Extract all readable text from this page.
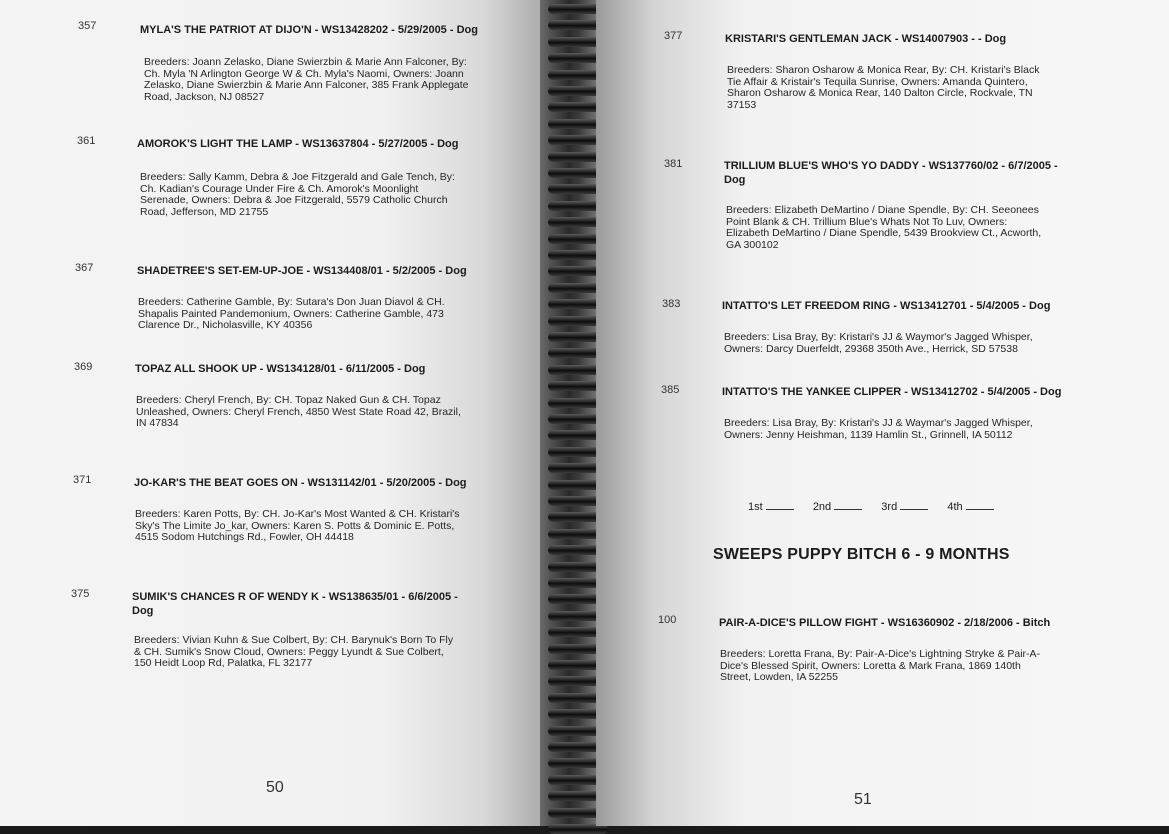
357	MYLA'S THE PATRIOT AT DIJO'N - WS13428202 - 5/29/2005 - Dog
Breeders: Joann Zelasko, Diane Swierzbin & Marie Ann Falconer, By:
Ch. Myla 'N Arlington George W & Ch. Myla's Naomi, Owners: Joann
Zelasko, Diane Swierzbin & Marie Ann Falconer, 385 Frank Applegate
Road, Jackson, NJ 08527
361	AMOROK'S LIGHT THE LAMP - WS13637804 - 5/27/2005 - Dog
Breeders: Sally Kamm, Debra & Joe Fitzgerald and Gale Tench, By:
Ch. Kadian's Courage Under Fire & Ch. Amorok's Moonlight
Serenade, Owners: Debra & Joe Fitzgerald, 5579 Catholic Church
Road, Jefferson, MD 21755
367	SHADETREE'S SET-EM-UP-JOE - WS134408/01 - 5/2/2005 - Dog
Breeders: Catherine Gamble, By: Sutara's Don Juan Diavol & CH.
Shapalis Painted Pandemonium, Owners: Catherine Gamble, 473
Clarence Dr., Nicholasville, KY 40356
369	TOPAZ ALL SHOOK UP - WS134128/01 - 6/11/2005 - Dog
Breeders: Cheryl French, By: CH. Topaz Naked Gun & CH. Topaz
Unleashed, Owners: Cheryl French, 4850 West State Road 42, Brazil,
IN 47834
371	JO-KAR'S THE BEAT GOES ON - WS131142/01 - 5/20/2005 - Dog
Breeders: Karen Potts, By: CH. Jo-Kar's Most Wanted & CH. Kristari's
Sky's The Limite Jo_kar, Owners: Karen S. Potts & Dominic E. Potts,
4515 Sodom Hutchings Rd., Fowler, OH 44418
375	SUMIK'S CHANCES R OF WENDY K - WS138635/01 - 6/6/2005 -
Dog
Breeders: Vivian Kuhn & Sue Colbert, By: CH. Barynuk's Born To Fly
& CH. Sumik's Snow Cloud, Owners: Peggy Lyundt & Sue Colbert,
150 Heidt Loop Rd, Palatka, FL 32177
50
377	KRISTARI'S GENTLEMAN JACK - WS14007903 - - Dog
Breeders: Sharon Osharow & Monica Rear, By: CH. Kristari's Black
Tie Affair & Kristair's Tequila Sunrise, Owners: Amanda Quintero,
Sharon Osharow & Monica Rear, 140 Dalton Circle, Rockvale, TN
37153
381	TRILLIUM BLUE'S WHO'S YO DADDY - WS137760/02 - 6/7/2005 -
Dog
Breeders: Elizabeth DeMartino / Diane Spendle, By: CH. Seeonees
Point Blank & CH. Trillium Blue's Whats Not To Luv, Owners:
Elizabeth DeMartino / Diane Spendle, 5439 Brookview Ct., Acworth,
GA 300102
383	INTATTO'S LET FREEDOM RING - WS13412701 - 5/4/2005 - Dog
Breeders: Lisa Bray, By: Kristari's JJ & Waymor's Jagged Whisper,
Owners: Darcy Duerfeldt, 29368 350th Ave., Herrick, SD 57538
385	INTATTO'S THE YANKEE CLIPPER - WS13412702 - 5/4/2005 - Dog
Breeders: Lisa Bray, By: Kristari's JJ & Waymar's Jagged Whisper,
Owners: Jenny Heishman, 1139 Hamlin St., Grinnell, IA 50112
1st	2nd	3rd	4th
SWEEPS PUPPY BITCH 6 - 9 MONTHS
100	PAIR-A-DICE'S PILLOW FIGHT - WS16360902 - 2/18/2006 - Bitch
Breeders: Loretta Frana, By: Pair-A-Dice's Lightning Stryke & Pair-A-
Dice's Blessed Spirit, Owners: Loretta & Mark Frana, 1869 140th
Street, Lowden, IA 52255
51
